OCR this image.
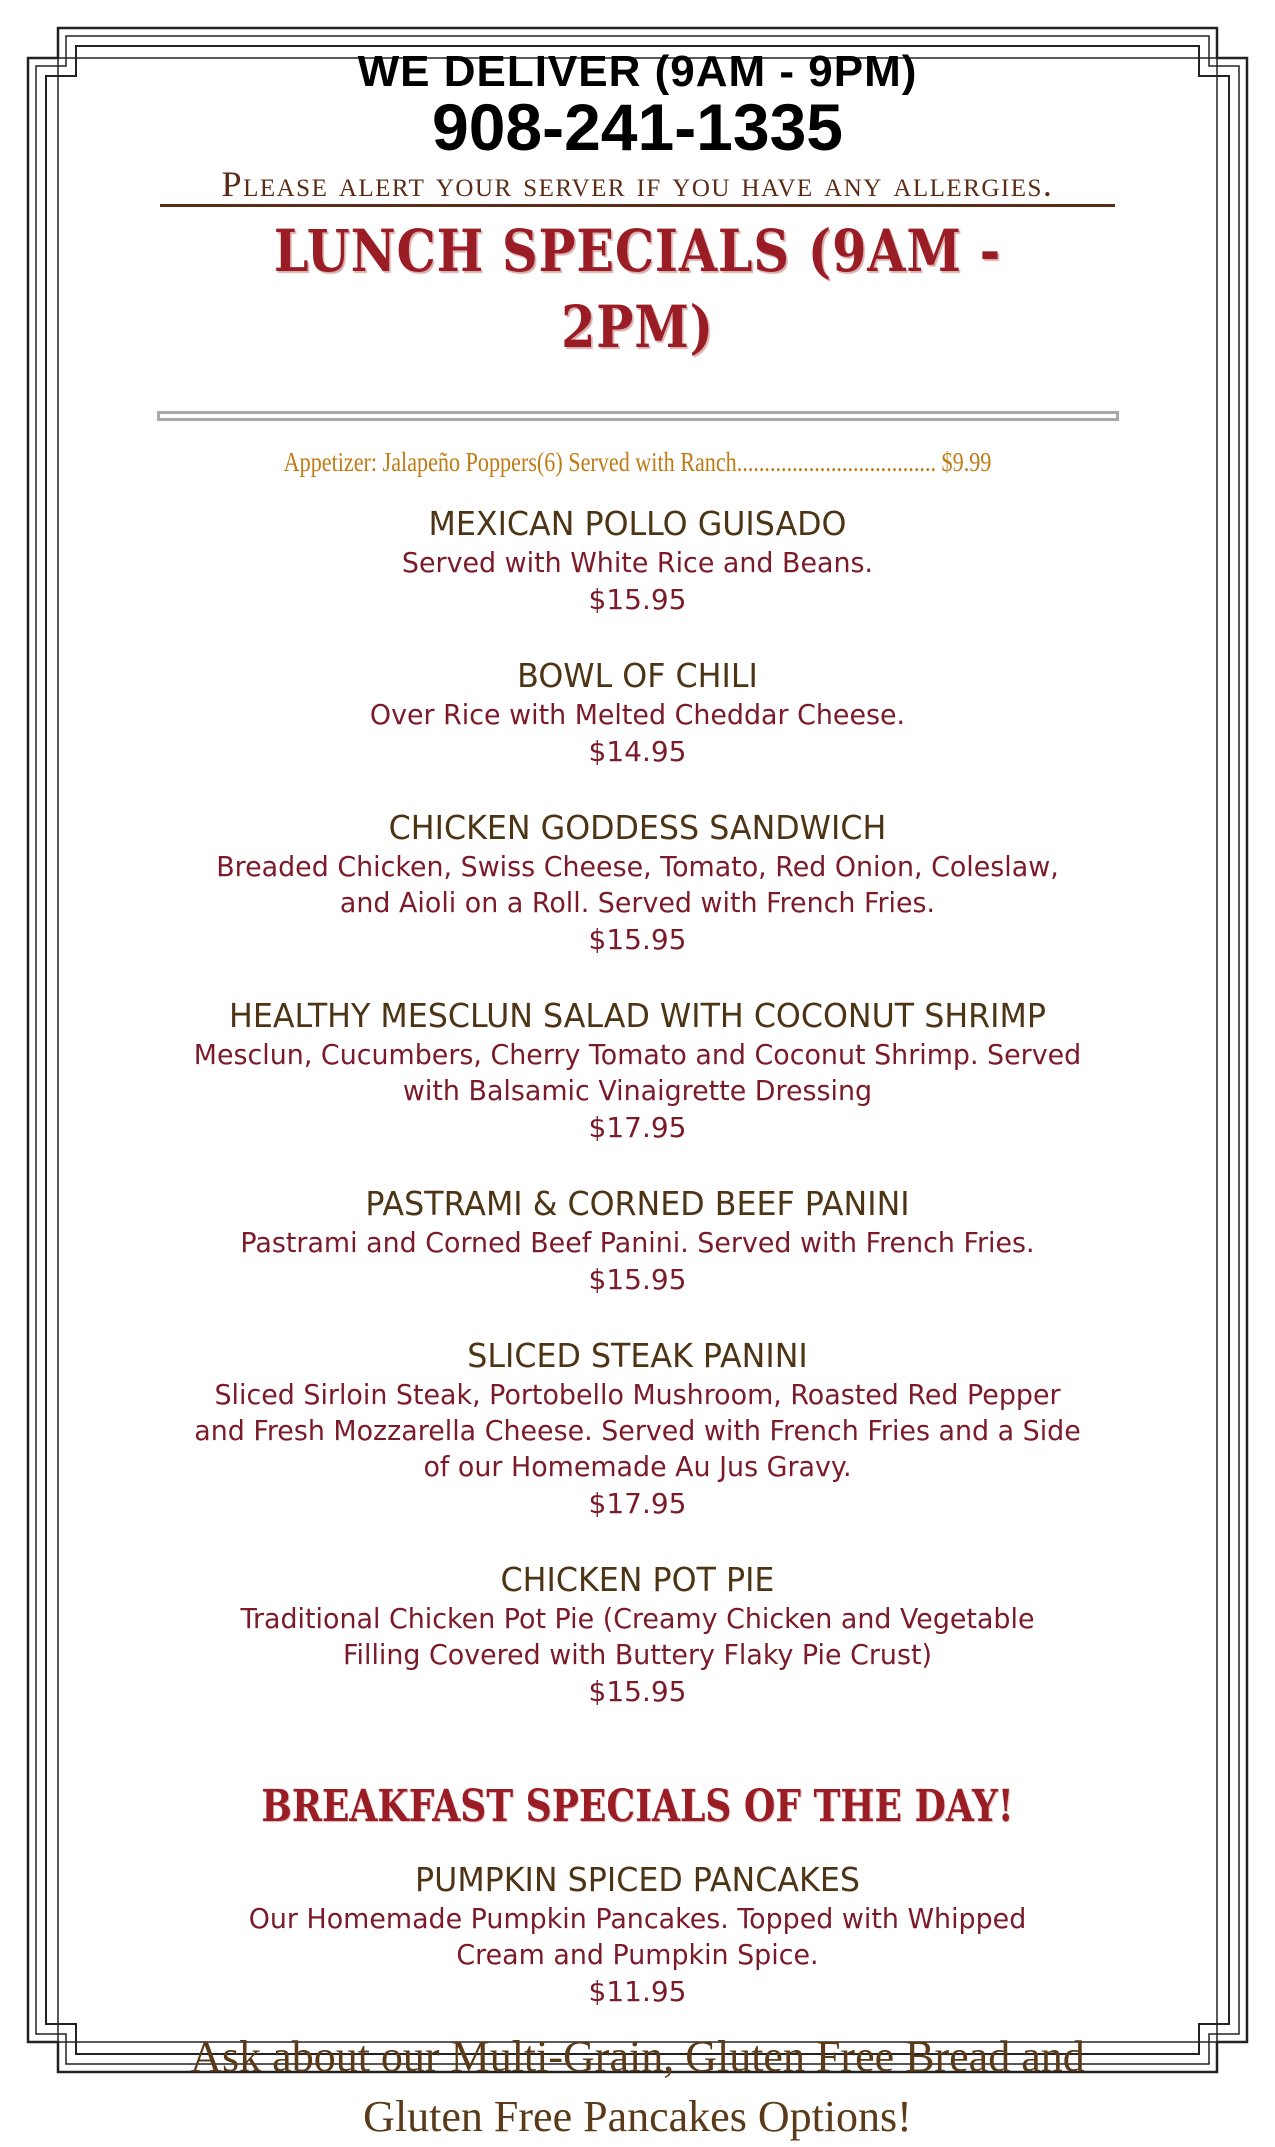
WE DELIVER (9AM - 9PM)
908-241-1335
Please alert your server if you have any allergies.
LUNCH SPECIALS (9AM - 2PM)
Appetizer: Jalapeño Poppers(6) Served with Ranch.................................... $9.99
MEXICAN POLLO GUISADO
Served with White Rice and Beans.
$15.95
BOWL OF CHILI
Over Rice with Melted Cheddar Cheese.
$14.95
CHICKEN GODDESS SANDWICH
Breaded Chicken, Swiss Cheese, Tomato, Red Onion, Coleslaw,
and Aioli on a Roll. Served with French Fries.
$15.95
HEALTHY MESCLUN SALAD WITH COCONUT SHRIMP
Mesclun, Cucumbers, Cherry Tomato and Coconut Shrimp. Served
with Balsamic Vinaigrette Dressing
$17.95
PASTRAMI & CORNED BEEF PANINI
Pastrami and Corned Beef Panini. Served with French Fries.
$15.95
SLICED STEAK PANINI
Sliced Sirloin Steak, Portobello Mushroom, Roasted Red Pepper
and Fresh Mozzarella Cheese. Served with French Fries and a Side
of our Homemade Au Jus Gravy.
$17.95
CHICKEN POT PIE
Traditional Chicken Pot Pie (Creamy Chicken and Vegetable
Filling Covered with Buttery Flaky Pie Crust)
$15.95
BREAKFAST SPECIALS OF THE DAY!
PUMPKIN SPICED PANCAKES
Our Homemade Pumpkin Pancakes. Topped with Whipped
Cream and Pumpkin Spice.
$11.95
Ask about our Multi-Grain, Gluten Free Bread and
Gluten Free Pancakes Options!
